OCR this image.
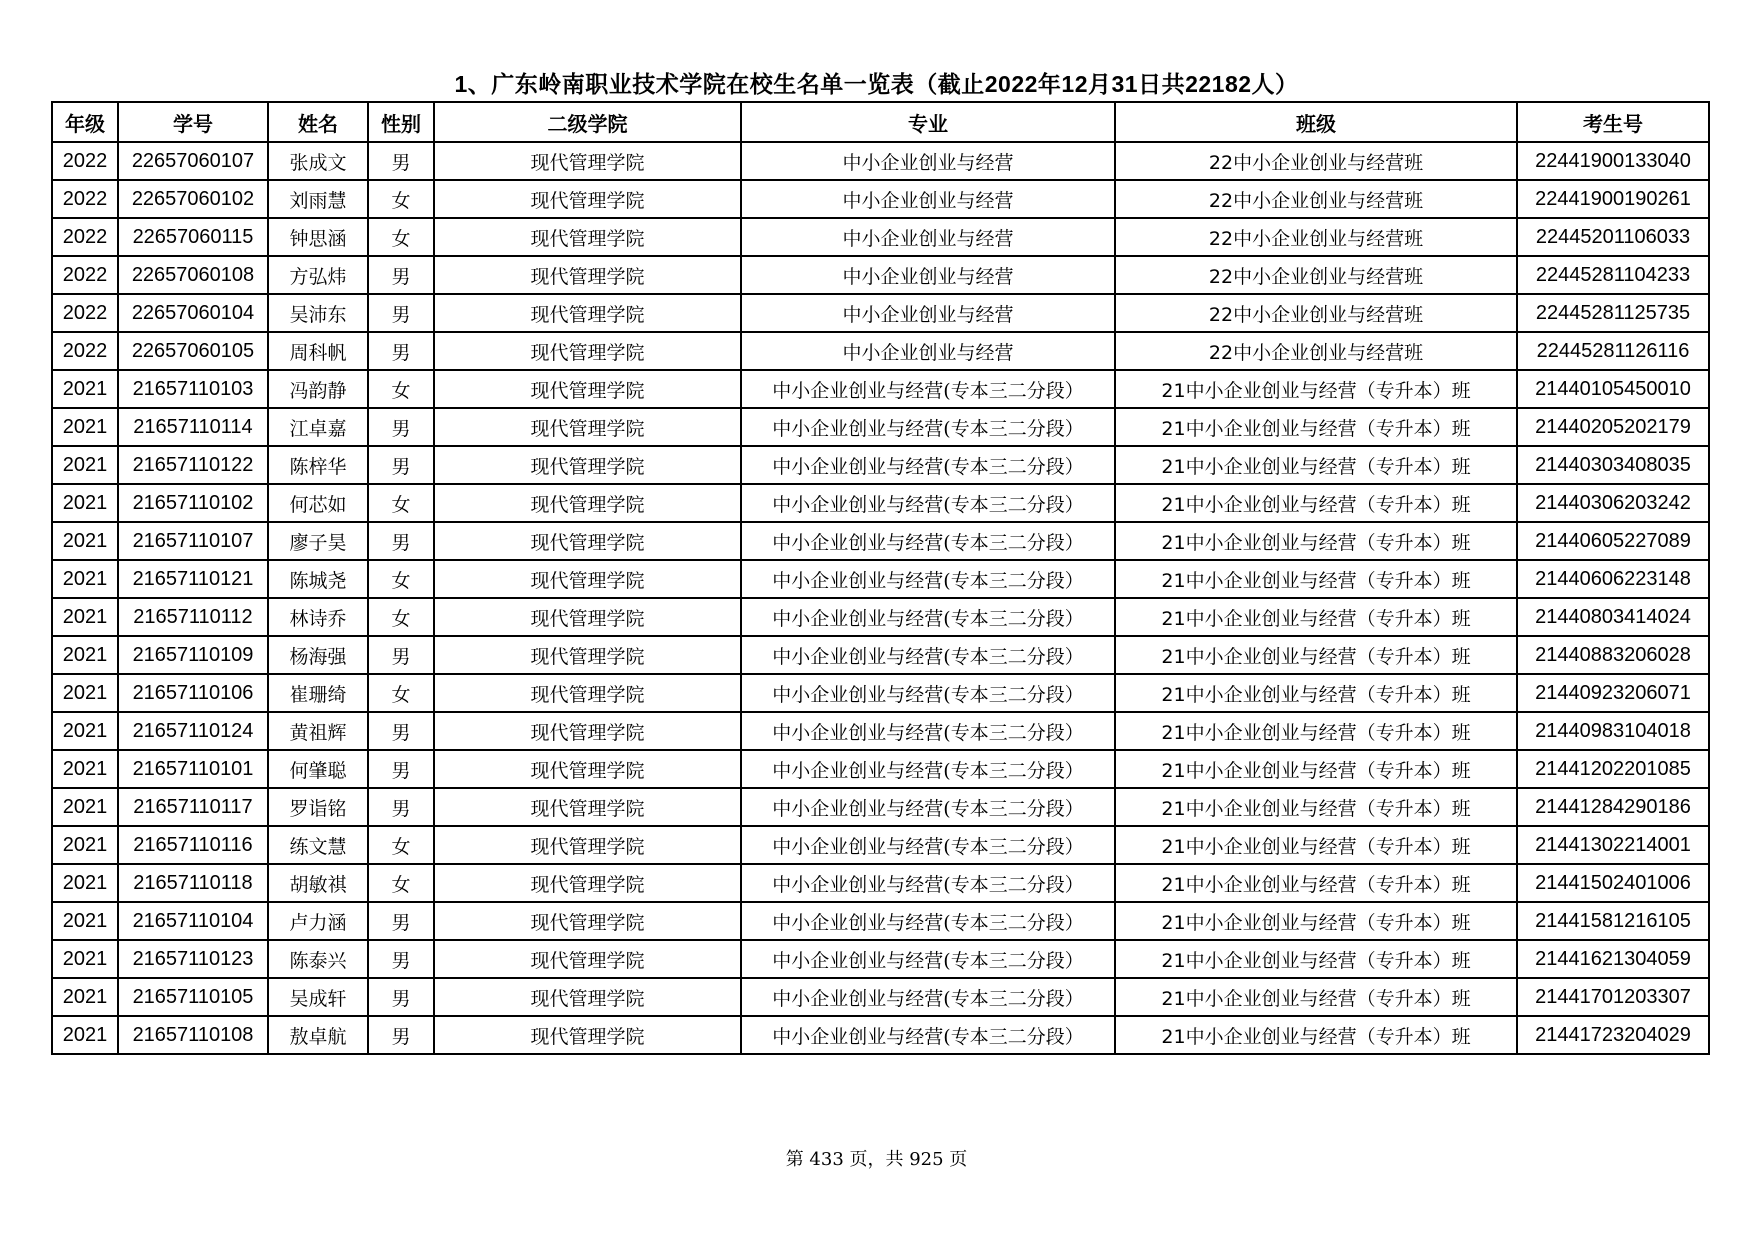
1、广东岭南职业技术学院在校生名单一览表（截止2022年12月31日共22182人）
年级	学号	姓名	性别	二级学院	专业	班级	考生号
2022	22657060107	张成文	男	现代管理学院	中小企业创业与经营	22中小企业创业与经营班	22441900133040
2022	22657060102	刘雨慧	女	现代管理学院	中小企业创业与经营	22中小企业创业与经营班	22441900190261
2022	22657060115	钟思涵	女	现代管理学院	中小企业创业与经营	22中小企业创业与经营班	22445201106033
2022	22657060108	方弘炜	男	现代管理学院	中小企业创业与经营	22中小企业创业与经营班	22445281104233
2022	22657060104	吴沛东	男	现代管理学院	中小企业创业与经营	22中小企业创业与经营班	22445281125735
2022	22657060105	周科帆	男	现代管理学院	中小企业创业与经营	22中小企业创业与经营班	22445281126116
2021	21657110103	冯韵静	女	现代管理学院	中小企业创业与经营(专本三二分段）	21中小企业创业与经营（专升本）班	21440105450010
2021	21657110114	江卓嘉	男	现代管理学院	中小企业创业与经营(专本三二分段）	21中小企业创业与经营（专升本）班	21440205202179
2021	21657110122	陈梓华	男	现代管理学院	中小企业创业与经营(专本三二分段）	21中小企业创业与经营（专升本）班	21440303408035
2021	21657110102	何芯如	女	现代管理学院	中小企业创业与经营(专本三二分段）	21中小企业创业与经营（专升本）班	21440306203242
2021	21657110107	廖子昊	男	现代管理学院	中小企业创业与经营(专本三二分段）	21中小企业创业与经营（专升本）班	21440605227089
2021	21657110121	陈城尧	女	现代管理学院	中小企业创业与经营(专本三二分段）	21中小企业创业与经营（专升本）班	21440606223148
2021	21657110112	林诗乔	女	现代管理学院	中小企业创业与经营(专本三二分段）	21中小企业创业与经营（专升本）班	21440803414024
2021	21657110109	杨海强	男	现代管理学院	中小企业创业与经营(专本三二分段）	21中小企业创业与经营（专升本）班	21440883206028
2021	21657110106	崔珊绮	女	现代管理学院	中小企业创业与经营(专本三二分段）	21中小企业创业与经营（专升本）班	21440923206071
2021	21657110124	黄祖辉	男	现代管理学院	中小企业创业与经营(专本三二分段）	21中小企业创业与经营（专升本）班	21440983104018
2021	21657110101	何肇聪	男	现代管理学院	中小企业创业与经营(专本三二分段）	21中小企业创业与经营（专升本）班	21441202201085
2021	21657110117	罗诣铭	男	现代管理学院	中小企业创业与经营(专本三二分段）	21中小企业创业与经营（专升本）班	21441284290186
2021	21657110116	练文慧	女	现代管理学院	中小企业创业与经营(专本三二分段）	21中小企业创业与经营（专升本）班	21441302214001
2021	21657110118	胡敏祺	女	现代管理学院	中小企业创业与经营(专本三二分段）	21中小企业创业与经营（专升本）班	21441502401006
2021	21657110104	卢力涵	男	现代管理学院	中小企业创业与经营(专本三二分段）	21中小企业创业与经营（专升本）班	21441581216105
2021	21657110123	陈泰兴	男	现代管理学院	中小企业创业与经营(专本三二分段）	21中小企业创业与经营（专升本）班	21441621304059
2021	21657110105	吴成轩	男	现代管理学院	中小企业创业与经营(专本三二分段）	21中小企业创业与经营（专升本）班	21441701203307
2021	21657110108	敖卓航	男	现代管理学院	中小企业创业与经营(专本三二分段）	21中小企业创业与经营（专升本）班	21441723204029
第 433 页，共 925 页
